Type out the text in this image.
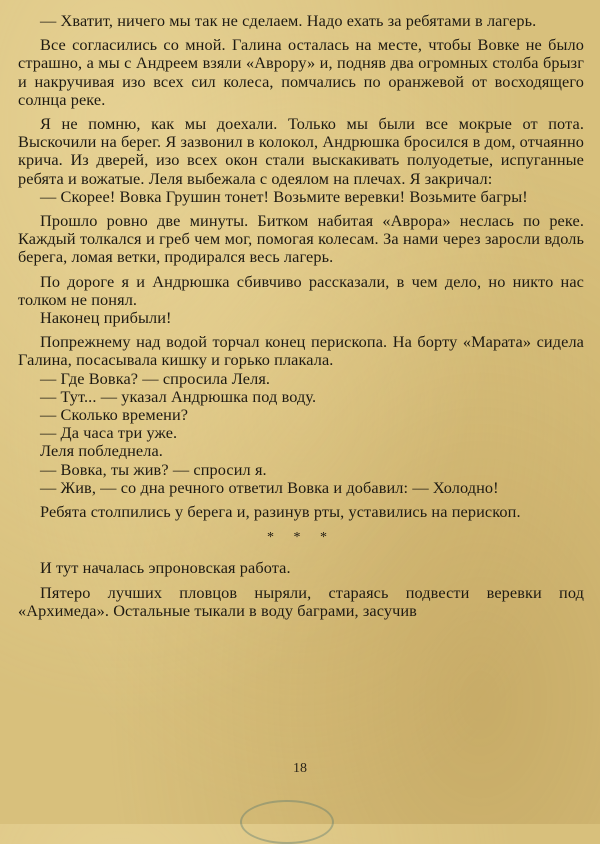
— Хватит, ничего мы так не сделаем. Надо ехать за ребятами в лагерь.

Все согласились со мной. Галина осталась на месте, чтобы Вовке не было страшно, а мы с Андреем взяли «Аврору» и, подняв два огромных столба брызг и накручивая изо всех сил колеса, помчались по оранжевой от восходящего солнца реке.

Я не помню, как мы доехали. Только мы были все мокрые от пота. Выскочили на берег. Я зазвонил в колокол, Андрюшка бросился в дом, отчаянно крича. Из дверей, изо всех окон стали выскакивать полуодетые, испуганные ребята и вожатые. Леля выбежала с одеялом на плечах. Я закричал:

— Скорее! Вовка Грушин тонет! Возьмите веревки! Возьмите багры!

Прошло ровно две минуты. Битком набитая «Аврора» неслась по реке. Каждый толкался и греб чем мог, помогая колесам. За нами через заросли вдоль берега, ломая ветки, продирался весь лагерь.

По дороге я и Андрюшка сбивчиво рассказали, в чем дело, но никто нас толком не понял.

Наконец прибыли!

Попрежнему над водой торчал конец перископа. На борту «Марата» сидела Галина, посасывала кишку и горько плакала.

— Где Вовка? — спросила Леля.

— Тут... — указал Андрюшка под воду.

— Сколько времени?

— Да часа три уже.

Леля побледнела.

— Вовка, ты жив? — спросил я.

— Жив, — со дна речного ответил Вовка и добавил: — Холодно!

Ребята столпились у берега и, разинув рты, уставились на перископ.

* * *

И тут началась эпроновская работа.

Пятеро лучших пловцов ныряли, стараясь подвести веревки под «Архимеда». Остальные тыкали в воду баграми, засучив

18
